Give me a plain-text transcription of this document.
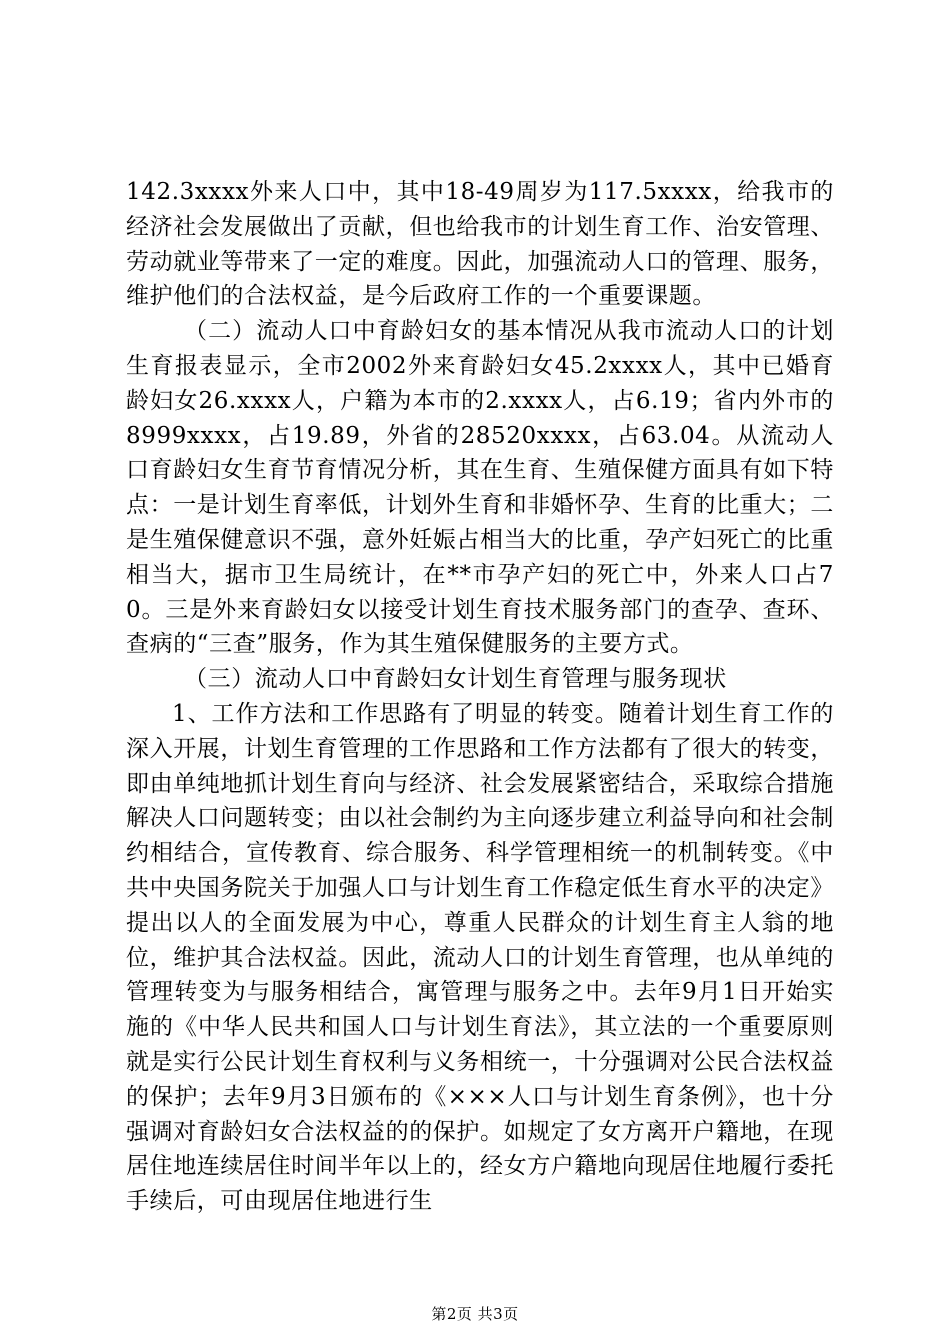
142.3xxxx外来人口中，其中18-49周岁为117.5xxxx，给我市的经济社会发展做出了贡献，但也给我市的计划生育工作、治安管理、劳动就业等带来了一定的难度。因此，加强流动人口的管理、服务，维护他们的合法权益，是今后政府工作的一个重要课题。

（二）流动人口中育龄妇女的基本情况从我市流动人口的计划生育报表显示，全市2002外来育龄妇女45.2xxxx人，其中已婚育龄妇女26.xxxx人，户籍为本市的2.xxxx人，占6.19；省内外市的8999xxxx，占19.89，外省的28520xxxx，占63.04。从流动人口育龄妇女生育节育情况分析，其在生育、生殖保健方面具有如下特点：一是计划生育率低，计划外生育和非婚怀孕、生育的比重大；二是生殖保健意识不强，意外妊娠占相当大的比重，孕产妇死亡的比重相当大，据市卫生局统计，在**市孕产妇的死亡中，外来人口占70。三是外来育龄妇女以接受计划生育技术服务部门的查孕、查环、查病的“三查”服务，作为其生殖保健服务的主要方式。

（三）流动人口中育龄妇女计划生育管理与服务现状

1、工作方法和工作思路有了明显的转变。随着计划生育工作的深入开展，计划生育管理的工作思路和工作方法都有了很大的转变，即由单纯地抓计划生育向与经济、社会发展紧密结合，采取综合措施解决人口问题转变；由以社会制约为主向逐步建立利益导向和社会制约相结合，宣传教育、综合服务、科学管理相统一的机制转变。《中共中央国务院关于加强人口与计划生育工作稳定低生育水平的决定》提出以人的全面发展为中心，尊重人民群众的计划生育主人翁的地位，维护其合法权益。因此，流动人口的计划生育管理，也从单纯的管理转变为与服务相结合，寓管理与服务之中。去年9月1日开始实施的《中华人民共和国人口与计划生育法》，其立法的一个重要原则就是实行公民计划生育权利与义务相统一，十分强调对公民合法权益的保护；去年9月3日颁布的《×××人口与计划生育条例》，也十分强调对育龄妇女合法权益的的保护。如规定了女方离开户籍地，在现居住地连续居住时间半年以上的，经女方户籍地向现居住地履行委托手续后，可由现居住地进行生

第2页 共3页
